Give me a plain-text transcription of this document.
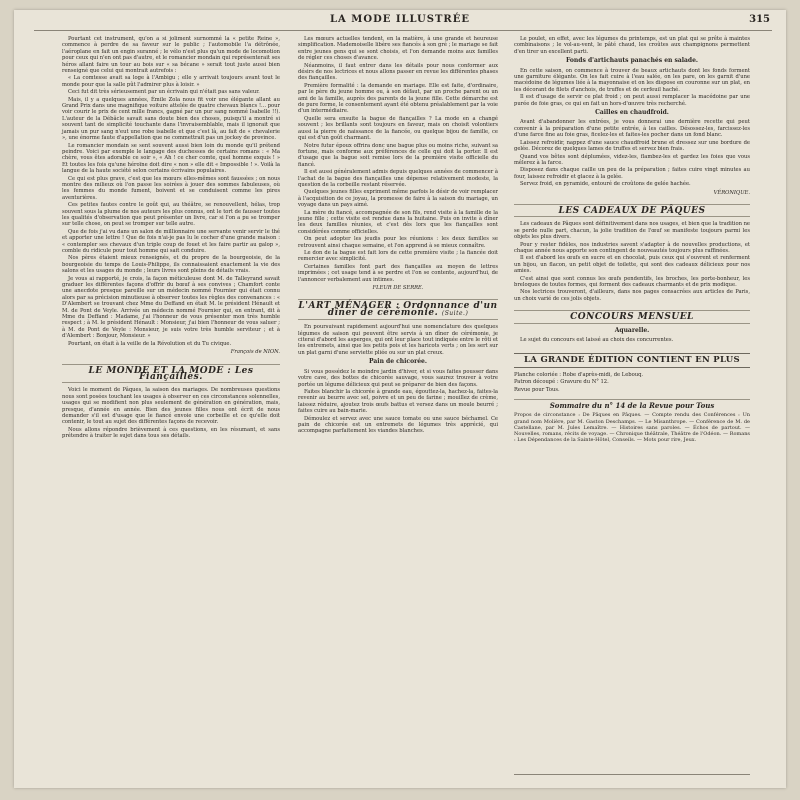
LA MODE ILLUSTRÉE	315

Pourtant cet instrument, qu'on a si joliment surnommé la « petite Reine », commence à perdre de sa faveur sur le public ; l'automobile l'a détrônée, l'aéroplane en fait un engin suranné ; le vélo n'est plus qu'un mode de locomotion pour ceux qui n'en ont pas d'autre, et le romancier mondain qui représenterait ses héros allant faire un tour au bois sur « sa bécane » serait tout juste aussi bien renseigné que celui qui montrait autrefois :

« La comtesse avait sa loge à l'Ambigu ; elle y arrivait toujours avant tout le monde pour que la salle pût l'admirer plus à loisir. »

Ceci fut dit très sérieusement par un écrivain qui n'était pas sans valeur.

Mais, il y a quelques années, Émile Zola nous fit voir une élégante allant au Grand Prix dans une magnifique voiture attelée de quatre chevaux blancs !... pour voir courir le prix de cent mille francs, gagné par un pur sang nommé Isabelle !!). L'auteur de la Débâcle savait sans doute bien des choses, puisqu'il a montré si souvent tant de simplicité touchante dans l'invraisemblable, mais il ignorait que jamais un pur sang n'eut une robe isabelle et que c'est là, au fait de « chevalerie », une énorme faute d'appellation que ne commettrait pas un jockey de province.

Le romancier mondain se sent souvent aussi bien loin du monde qu'il prétend peindre. Voici par exemple le langage des duchesses de certains romans : « Ma chère, vous êtes adorable ce soir », « Ah ! ce cher comte, quel homme exquis ! » Et toutes les fois qu'une héroïne doit dire « non » elle dit « Impossible ! ». Voilà la langue de la haute société selon certains écrivains populaires.

Ce qui est plus grave, c'est que les mœurs elles-mêmes sont faussées ; on nous montre des milieux où l'on passe les soirées à jouer des sommes fabuleuses, où les femmes du monde fument, boivent et se conduisent comme les pires aventurières.

Ces petites fautes contre le goût qui, au théâtre, se renouvellent, hélas, trop souvent sous la plume de nos auteurs les plus connus, ont le tort de fausser toutes les qualités d'observation que peut présenter un livre, car si l'on a pu se tromper sur telle chose, on peut se tromper sur telle autre.

Que de fois j'ai vu dans un salon de millionnaire une servante venir servir le thé et apporter une lettre ! Que de fois n'ai-je pas lu le cocher d'une grande maison : « contempler ses chevaux d'un triple coup de fouet et les faire partir au galop », comble du ridicule pour tout homme qui sait conduire.

Nos pères étaient mieux renseignés, et du propre de la bourgeoisie, de la bourgeoisie du temps de Louis-Philippe, ils connaissaient exactement la vie des salons et les usages du monde ; leurs livres sont pleins de détails vrais.

Je vous ai rapporté, je crois, la façon méticuleuse dont M. de Talleyrand savait graduer les différentes façons d'offrir du bœuf à ses convives ; Chamfort conte une anecdote presque pareille sur un médecin nommé Fournier qui était connu alors par sa précision minutieuse à observer toutes les règles des convenances : « D'Alembert se trouvant chez Mme du Deffand en était M. le président Hénault et M. de Pont de Veyle. Arrivée un médecin nommé Fournier qui, en entrant, dit à Mme du Deffand : Madame, j'ai l'honneur de vous présenter mon très humble respect ; à M. le président Hénault : Monsieur, j'ai bien l'honneur de vous saluer ; à M. de Pont de Veyle : Monsieur, je suis votre très humble serviteur ; et à d'Alembert : Bonjour, Monsieur. »

Pourtant, on était à la veille de la Révolution et du Tu civique.

François de NION.
LE MONDE ET LA MODE : Les Fiançailles.

Voici le moment de Pâques, la saison des mariages. De nombreuses questions nous sont posées touchant les usages à observer en ces circonstances solennelles, usages qui se modifient non plus seulement de génération en génération, mais, presque, d'année en année. Bien des jeunes filles nous ont écrit de nous demander s'il est d'usage que le fiancé envoie une corbeille et ce qu'elle doit contenir, le tout au sujet des différentes façons de recevoir.

Nous allons répondre brièvement à ces questions, en les résumant, et sans prétendre à traiter le sujet dans tous ses détails.

Les mœurs actuelles tendent, en la matière, à une grande et heureuse simplification. Mademoiselle libère ses fiancés à son gré ; le mariage se fait entre jeunes gens qui se sont choisis, et l'on demande moins aux familles de régler ces choses d'avance.

Néanmoins, il faut entrer dans les détails pour nous conformer aux désirs de nos lectrices et nous allons passer en revue les différentes phases des fiançailles.

Première formalité : la demande en mariage. Elle est faite, d'ordinaire, par le père du jeune homme ou, à son défaut, par un proche parent ou un ami de la famille, auprès des parents de la jeune fille. Cette démarche est de pure forme, le consentement ayant été obtenu préalablement par la voie d'un intermédiaire.

Quelle sera ensuite la bague de fiançailles ? La mode en a changé souvent ; les brillants sont toujours en faveur, mais on choisit volontiers aussi la pierre de naissance de la fiancée, ou quelque bijou de famille, ce qui est d'un goût charmant.

Notre futur époux offrira donc une bague plus ou moins riche, suivant sa fortune, mais conforme aux préférences de celle qui doit la porter. Il est d'usage que la bague soit remise lors de la première visite officielle du fiancé.

Il est aussi généralement admis depuis quelques années de commencer à l'achat de la bague des fiançailles une dépense relativement modeste, la question de la corbeille restant réservée.

Quelques jeunes filles expriment même parfois le désir de voir remplacer à l'acquisition de ce joyau, la promesse de faire à la saison du mariage, un voyage dans un pays aimé.

La mère du fiancé, accompagnée de son fils, rend visite à la famille de la jeune fille ; cette visite est rendue dans la huitaine. Puis on invite à dîner les deux familles réunies, et c'est dès lors que les fiançailles sont considérées comme officielles.

On peut adopter les jeudis pour les réunions : les deux familles se retrouvent ainsi chaque semaine, et l'on apprend à se mieux connaître.

Le don de la bague est fait lors de cette première visite ; la fiancée doit remercier avec simplicité.

Certaines familles font part des fiançailles au moyen de lettres imprimées ; cet usage tend à se perdre et l'on se contente, aujourd'hui, de l'annoncer verbalement aux intimes.

FLEUR DE SERRE.
L'ART MÉNAGER : Ordonnance d'un dîner de cérémonie. (Suite.)

En poursuivant rapidement aujourd'hui une nomenclature des quelques légumes de saison qui peuvent être servis à un dîner de cérémonie, je citerai d'abord les asperges, qui ont leur place tout indiquée entre le rôti et les entremets, ainsi que les petits pois et les haricots verts ; on les sert sur un plat garni d'une serviette pliée ou sur un plat creux.

Pain de chicorée.

Si vous possédez le moindre jardin d'hiver, et si vous faites pousser dans votre cave, des bottes de chicorée sauvage, vous saurez trouver à votre portée un légume délicieux qui peut se préparer de bien des façons.

Faites blanchir la chicorée à grande eau, égouttez-la, hachez-la, faites-la revenir au beurre avec sel, poivre et un peu de farine ; mouillez de crème, laissez réduire, ajoutez trois œufs battus et versez dans un moule beurré ; faites cuire au bain-marie.

Démoulez et servez avec une sauce tomate ou une sauce béchamel. Ce pain de chicorée est un entremets de légumes très apprécié, qui accompagne parfaitement les viandes blanches.

Le poulet, en effet, avec les légumes du printemps, est un plat qui se prête à maintes combinaisons ; le vol-au-vent, le pâté chaud, les croûtes aux champignons permettent d'en tirer un excellent parti.

Fonds d'artichauts panachés en salade.

En cette saison, on commence à trouver de beaux artichauts dont les fonds forment une garniture élégante. On les fait cuire à l'eau salée, on les pare, on les garnit d'une macédoine de légumes liée à la mayonnaise et on les dispose en couronne sur un plat, en les décorant de filets d'anchois, de truffes et de cerfeuil haché.

Il est d'usage de servir ce plat froid ; on peut aussi remplacer la macédoine par une purée de foie gras, ce qui en fait un hors-d'œuvre très recherché.

Cailles en chaudfroid.

Avant d'abandonner les entrées, je vous donnerai une dernière recette qui peut convenir à la préparation d'une petite entrée, à les cailles. Désossez-les, farcissez-les d'une farce fine au foie gras, ficelez-les et faites-les pocher dans un fond blanc.

Laissez refroidir, nappez d'une sauce chaudfroid brune et dressez sur une bordure de gelée. Décorez de quelques lames de truffes et servez bien frais.

Quand vos bêtes sont déplumées, videz-les, flambez-les et gardez les foies que vous mêlerez à la farce.

Disposez dans chaque caille un peu de la préparation ; faites cuire vingt minutes au four, laissez refroidir et glacez à la gelée.

Servez froid, en pyramide, entouré de croûtons de gelée hachée.

VÉRONIQUE.
LES CADEAUX DE PÂQUES

Les cadeaux de Pâques sont définitivement dans nos usages, et bien que la tradition ne se perde nulle part, chacun, la jolie tradition de l'œuf se manifeste toujours parmi les objets les plus divers.

Pour y rester fidèles, nos industries savent s'adapter à de nouvelles productions, et chaque année nous apporte son contingent de nouveautés toujours plus raffinées.

Il est d'abord les œufs en sucre et en chocolat, puis ceux qui s'ouvrent et renferment un bijou, un flacon, un petit objet de toilette, qui sont des cadeaux délicieux pour nos amies.

C'est ainsi que sont connus les œufs pendentifs, les broches, les porte-bonheur, les breloques de toutes formes, qui forment des cadeaux charmants et de prix modique.

Nos lectrices trouveront, d'ailleurs, dans nos pages consacrées aux articles de Paris, un choix varié de ces jolis objets.

CONCOURS MENSUEL
Aquarelle.

Le sujet du concours est laissé au choix des concurrentes.

LA GRANDE ÉDITION CONTIENT EN PLUS

Planche coloriée : Robe d'après-midi, de Lebouq.

Patron découpé : Gravure du N° 12.

Revue pour Tous.

Sommaire du n° 14 de la Revue pour Tous

Propos de circonstance : De Pâques en Pâques. — Compte rendu des Conférences : Un grand nom Molière, par M. Gaston Deschamps. — Le Misanthrope. — Conférence de M. de Castellane, par M. Jules Lemaître. — Histoires sans paroles. — Échos de partout. — Nouvelles, romans, récits de voyage. — Chronique théâtrale, Théâtre de l'Odéon. — Romans : Les Dépendances de la Sainte-Hôtel, Conseils. — Mots pour rire, Jeux.
